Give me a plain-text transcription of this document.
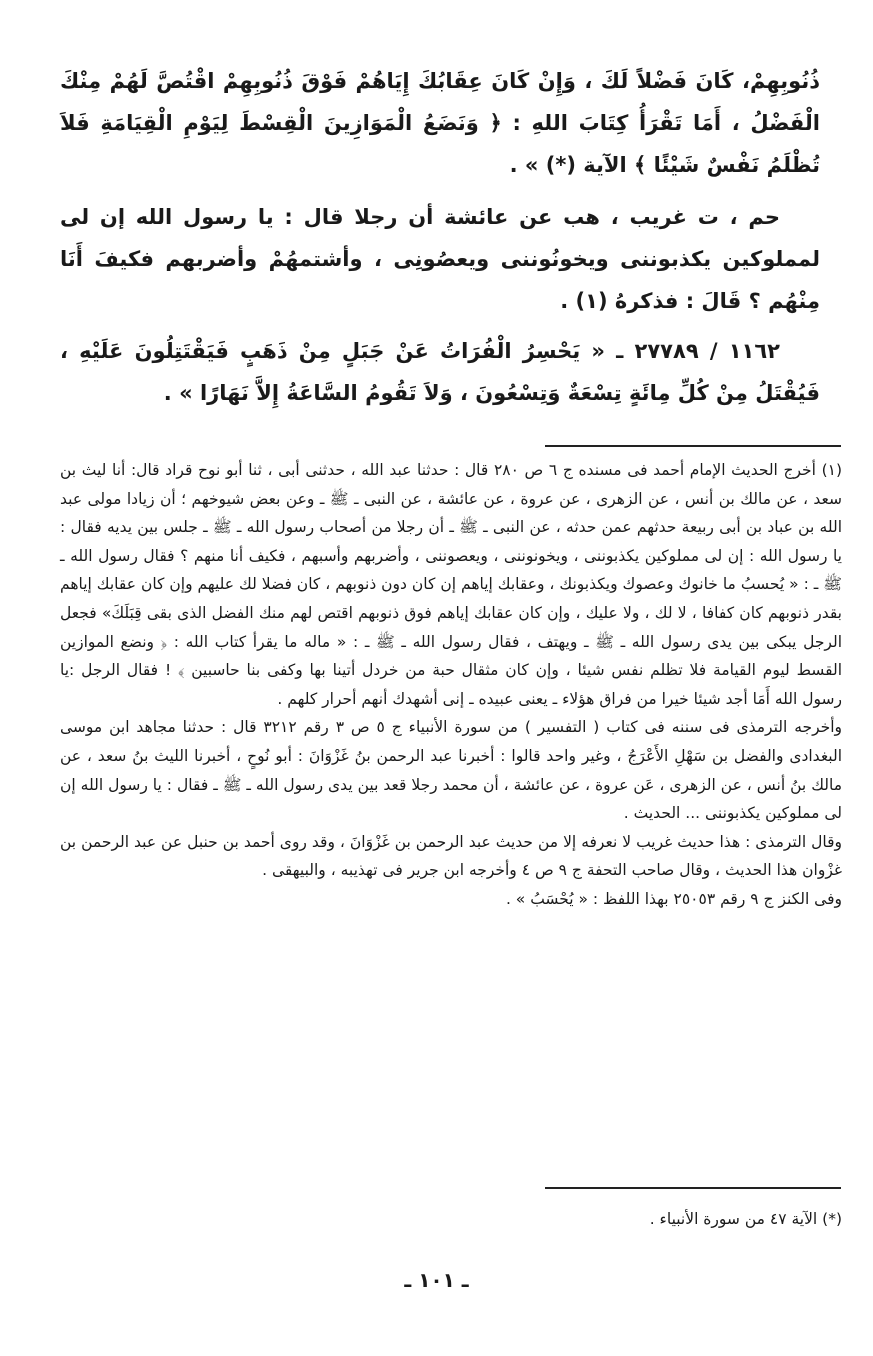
ذُنُوبِهِمْ، كَانَ فَضْلاً لَكَ ، وَإِنْ كَانَ عِقَابُكَ إِيَاهُمْ فَوْقَ ذُنُوبِهِمْ اقْتُصَّ لَهُمْ مِنْكَ الْفَضْلُ ، أَمَا تَقْرَأُ كِتَابَ اللهِ : ﴿ وَنَضَعُ الْمَوَازِينَ الْقِسْطَ لِيَوْمِ الْقِيَامَةِ فَلاَ تُظْلَمُ نَفْسٌ شَيْئًا ﴾ الآية (*) » .

حم ، ت غريب ، هب عن عائشة أن رجلا قال : يا رسول الله إن لى لمملوكين يكذبوننى ويخونُوننى ويعصُونِى ، وأشتمهُمْ وأضربهم فكيفَ أَنَا مِنْهُم ؟ قَالَ : فذكرهُ (١) .

١١٦٢ / ٢٧٧٨٩ ـ « يَحْسِرُ الْفُرَاتُ عَنْ جَبَلٍ مِنْ ذَهَبٍ فَيَقْتَتِلُونَ عَلَيْهِ ، فَيُقْتَلُ مِنْ كُلِّ مِائَةٍ تِسْعَةٌ وَتِسْعُونَ ، وَلاَ تَقُومُ السَّاعَةُ إِلاَّ نَهَارًا » .

(١) أخرج الحديث الإمام أحمد فى مسنده ج ٦ ص ٢٨٠ قال : حدثنا عبد الله ، حدثنى أبى ، ثنا أبو نوح قراد قال: أنا ليث بن سعد ، عن مالك بن أنس ، عن الزهرى ، عن عروة ، عن عائشة ، عن النبى ـ ﷺ ـ وعن بعض شيوخهم ؛ أن زيادا مولى عبد الله بن عباد بن أبى ربيعة حدثهم عمن حدثه ، عن النبى ـ ﷺ ـ أن رجلا من أصحاب رسول الله ـ ﷺ ـ جلس بين يديه فقال : يا رسول الله : إن لى مملوكين يكذبوننى ، ويخونوننى ، ويعصوننى ، وأضربهم وأسبهم ، فكيف أنا منهم ؟ فقال رسول الله ـ ﷺ ـ : « يُحسبُ ما خانوك وعصوك ويكذبونك ، وعقابك إياهم إن كان دون ذنوبهم ، كان فضلا لك عليهم وإن كان عقابك إياهم بقدر ذنوبهم كان كفافا ، لا لك ، ولا عليك ، وإن كان عقابك إياهم فوق ذنوبهم اقتص لهم منك الفضل الذى بقى قِبَلَكَ» فجعل الرجل يبكى بين يدى رسول الله ـ ﷺ ـ ويهتف ، فقال رسول الله ـ ﷺ ـ : « ماله ما يقرأ كتاب الله : ﴿ ونضع الموازين القسط ليوم القيامة فلا تظلم نفس شيئا ، وإن كان مثقال حبة من خردل أتينا بها وكفى بنا حاسبين ﴾ ! فقال الرجل :يا رسول الله أَمَا أجد شيئا خيرا من فراق هؤلاء ـ يعنى عبيده ـ إنى أشهدك أنهم أحرار كلهم .

وأخرجه الترمذى فى سننه فى كتاب ( التفسير ) من سورة الأنبياء ج ٥ ص ٣ رقم ٣٢١٢ قال : حدثنا مجاهد ابن موسى البغدادى والفضل بن سَهْلِ الأَعْرَجُ ، وغير واحد قالوا : أخبرنا عبد الرحمن بنُ غَزْوَانَ : أبو نُوحٍ ، أخبرنا الليث بنُ سعد ، عن مالك بنُ أنس ، عن الزهرى ، عَن عروة ، عن عائشة ، أن محمد رجلا قعد بين يدى رسول الله ـ ﷺ ـ فقال : يا رسول الله إن لى مملوكين يكذبوننى ... الحديث .

وقال الترمذى : هذا حديث غريب لا نعرفه إلا من حديث عبد الرحمن بن غَزْوَانَ ، وقد روى أحمد بن حنبل عن عبد الرحمن بن غزْوان هذا الحديث ، وقال صاحب التحفة ج ٩ ص ٤ وأخرجه ابن جرير فى تهذيبه ، والبيهقى .

وفى الكنز ج ٩ رقم ٢٥٠٥٣ بهذا اللفظ : « يُحْسَبُ » .

(*) الآية ٤٧ من سورة الأنبياء .
ـ ١٠١ ـ
